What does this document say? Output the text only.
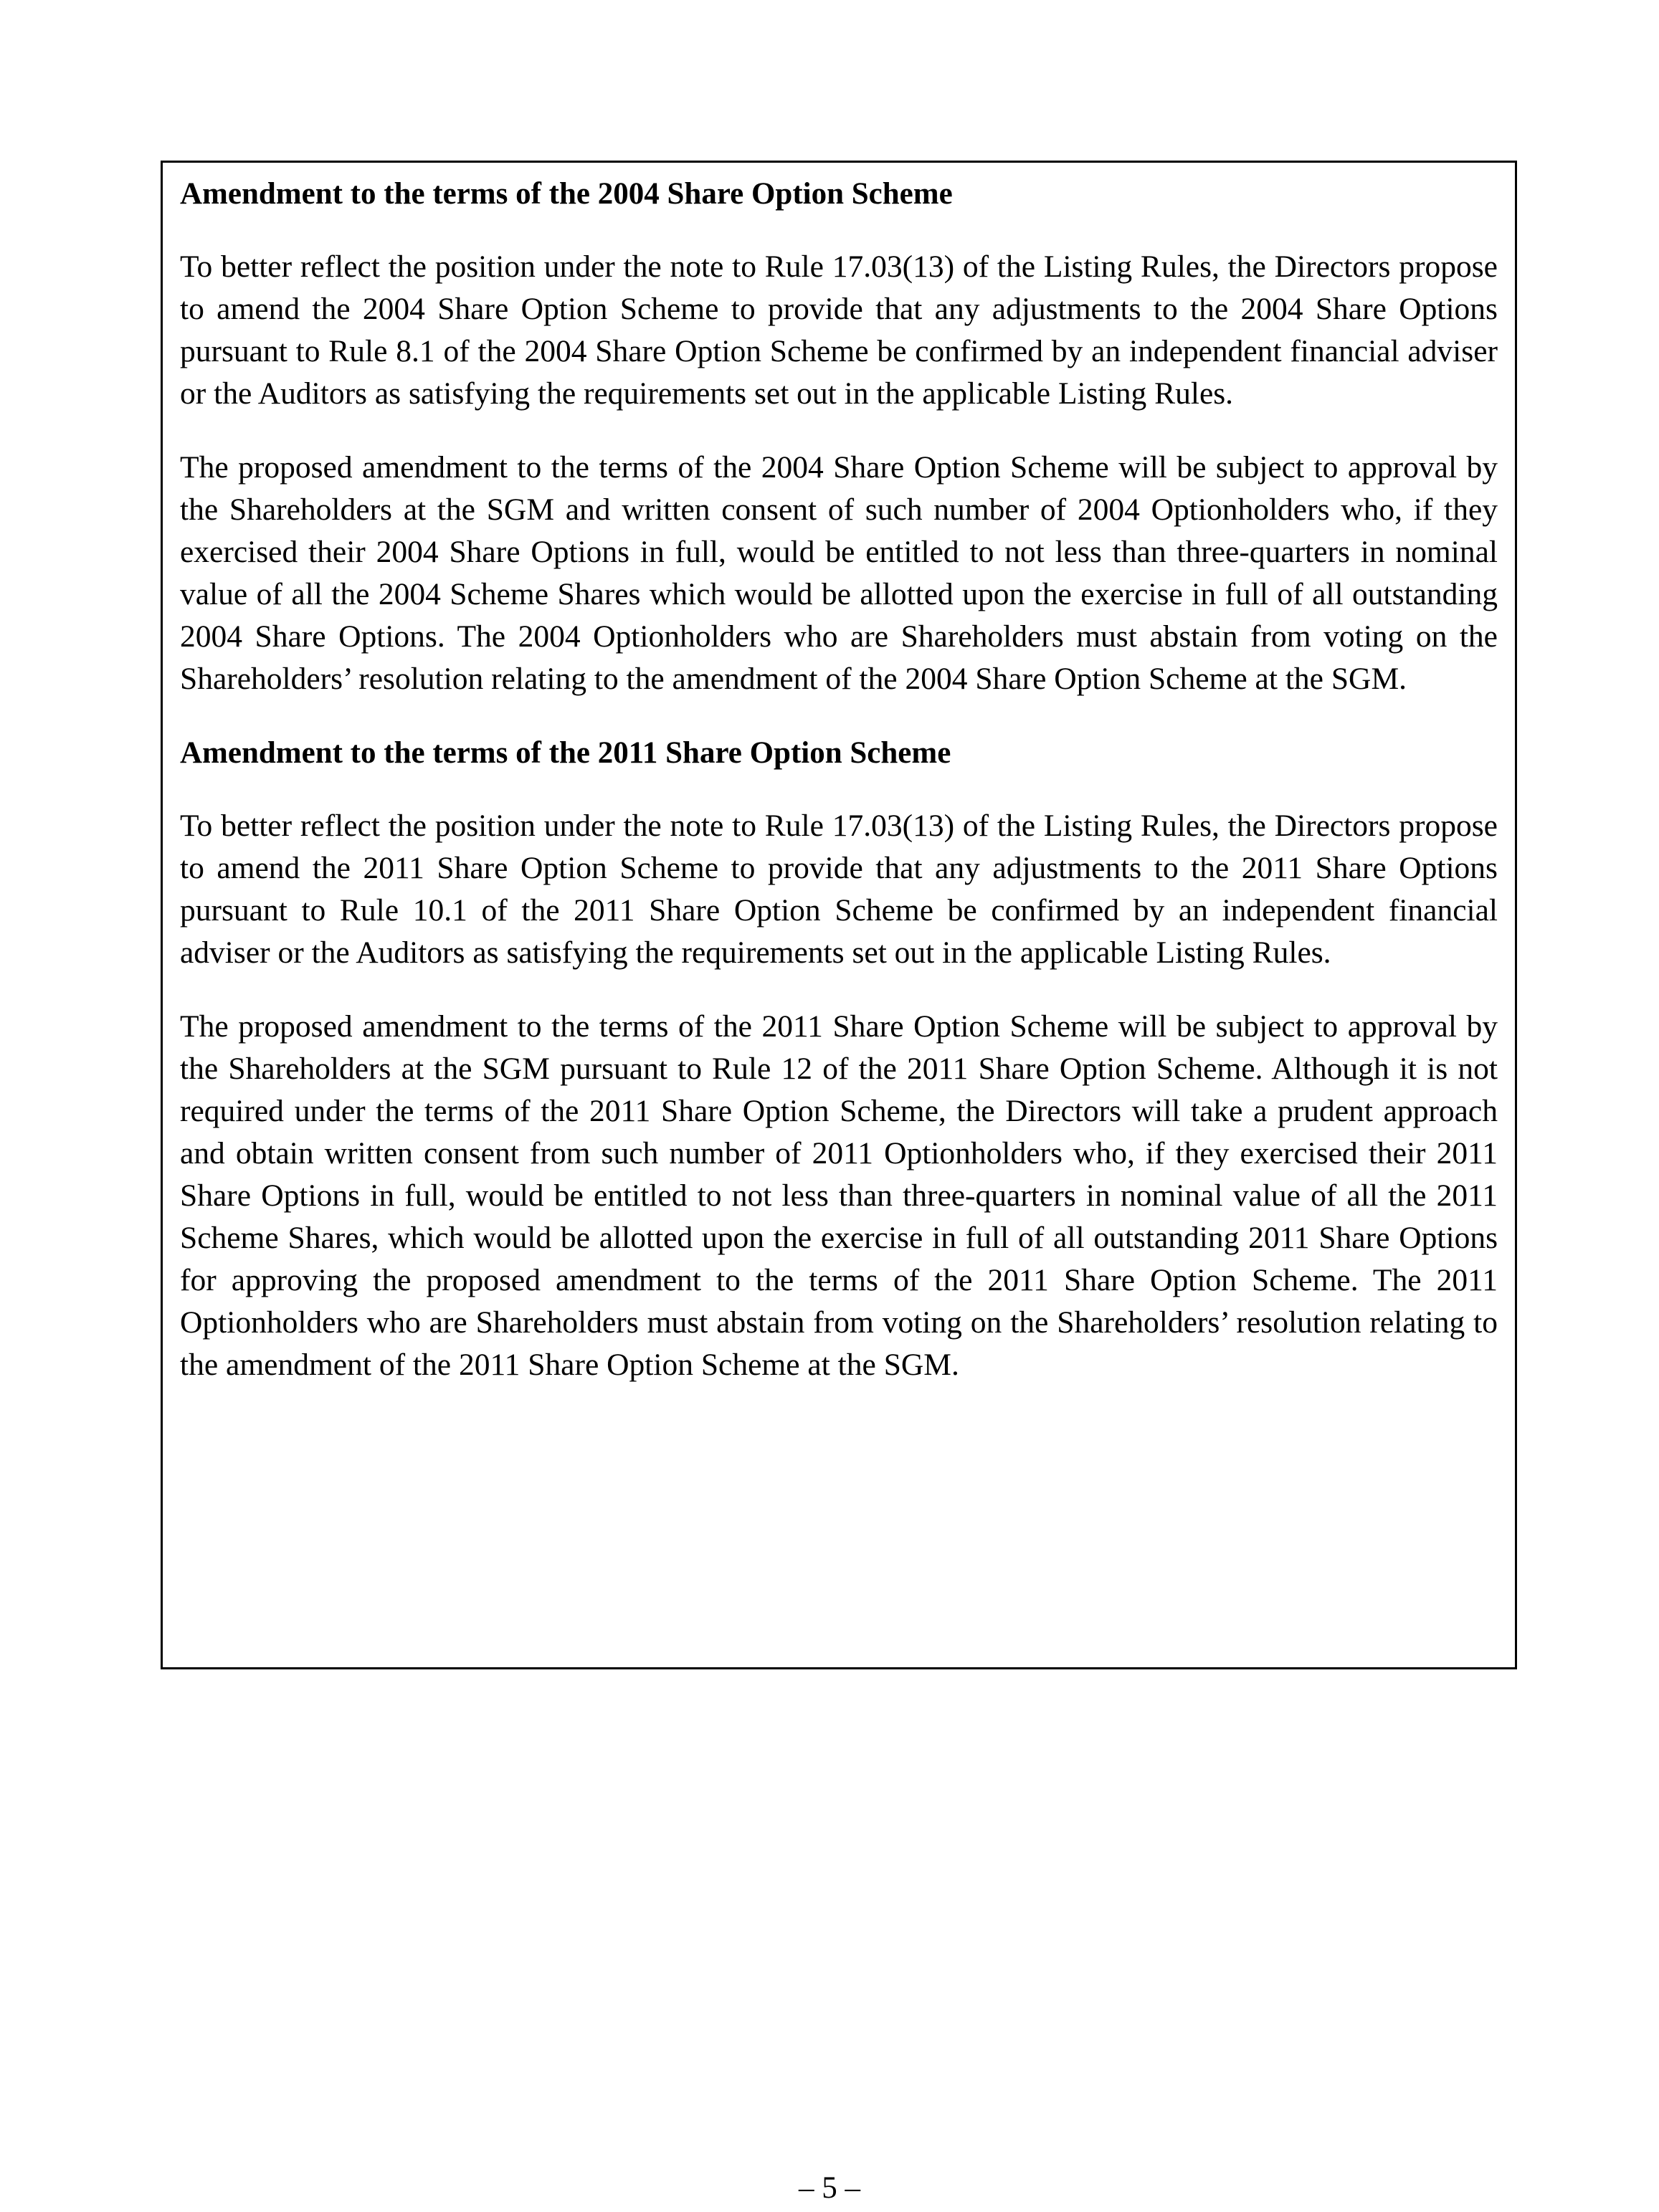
Amendment to the terms of the 2004 Share Option Scheme

To better reflect the position under the note to Rule 17.03(13) of the Listing Rules, the Directors propose to amend the 2004 Share Option Scheme to provide that any adjustments to the 2004 Share Options pursuant to Rule 8.1 of the 2004 Share Option Scheme be confirmed by an independent financial adviser or the Auditors as satisfying the requirements set out in the applicable Listing Rules.

The proposed amendment to the terms of the 2004 Share Option Scheme will be subject to approval by the Shareholders at the SGM and written consent of such number of 2004 Optionholders who, if they exercised their 2004 Share Options in full, would be entitled to not less than three-quarters in nominal value of all the 2004 Scheme Shares which would be allotted upon the exercise in full of all outstanding 2004 Share Options. The 2004 Optionholders who are Shareholders must abstain from voting on the Shareholders’ resolution relating to the amendment of the 2004 Share Option Scheme at the SGM.

Amendment to the terms of the 2011 Share Option Scheme

To better reflect the position under the note to Rule 17.03(13) of the Listing Rules, the Directors propose to amend the 2011 Share Option Scheme to provide that any adjustments to the 2011 Share Options pursuant to Rule 10.1 of the 2011 Share Option Scheme be confirmed by an independent financial adviser or the Auditors as satisfying the requirements set out in the applicable Listing Rules.

The proposed amendment to the terms of the 2011 Share Option Scheme will be subject to approval by the Shareholders at the SGM pursuant to Rule 12 of the 2011 Share Option Scheme. Although it is not required under the terms of the 2011 Share Option Scheme, the Directors will take a prudent approach and obtain written consent from such number of 2011 Optionholders who, if they exercised their 2011 Share Options in full, would be entitled to not less than three-quarters in nominal value of all the 2011 Scheme Shares, which would be allotted upon the exercise in full of all outstanding 2011 Share Options for approving the proposed amendment to the terms of the 2011 Share Option Scheme. The 2011 Optionholders who are Shareholders must abstain from voting on the Shareholders’ resolution relating to the amendment of the 2011 Share Option Scheme at the SGM.

– 5 –
